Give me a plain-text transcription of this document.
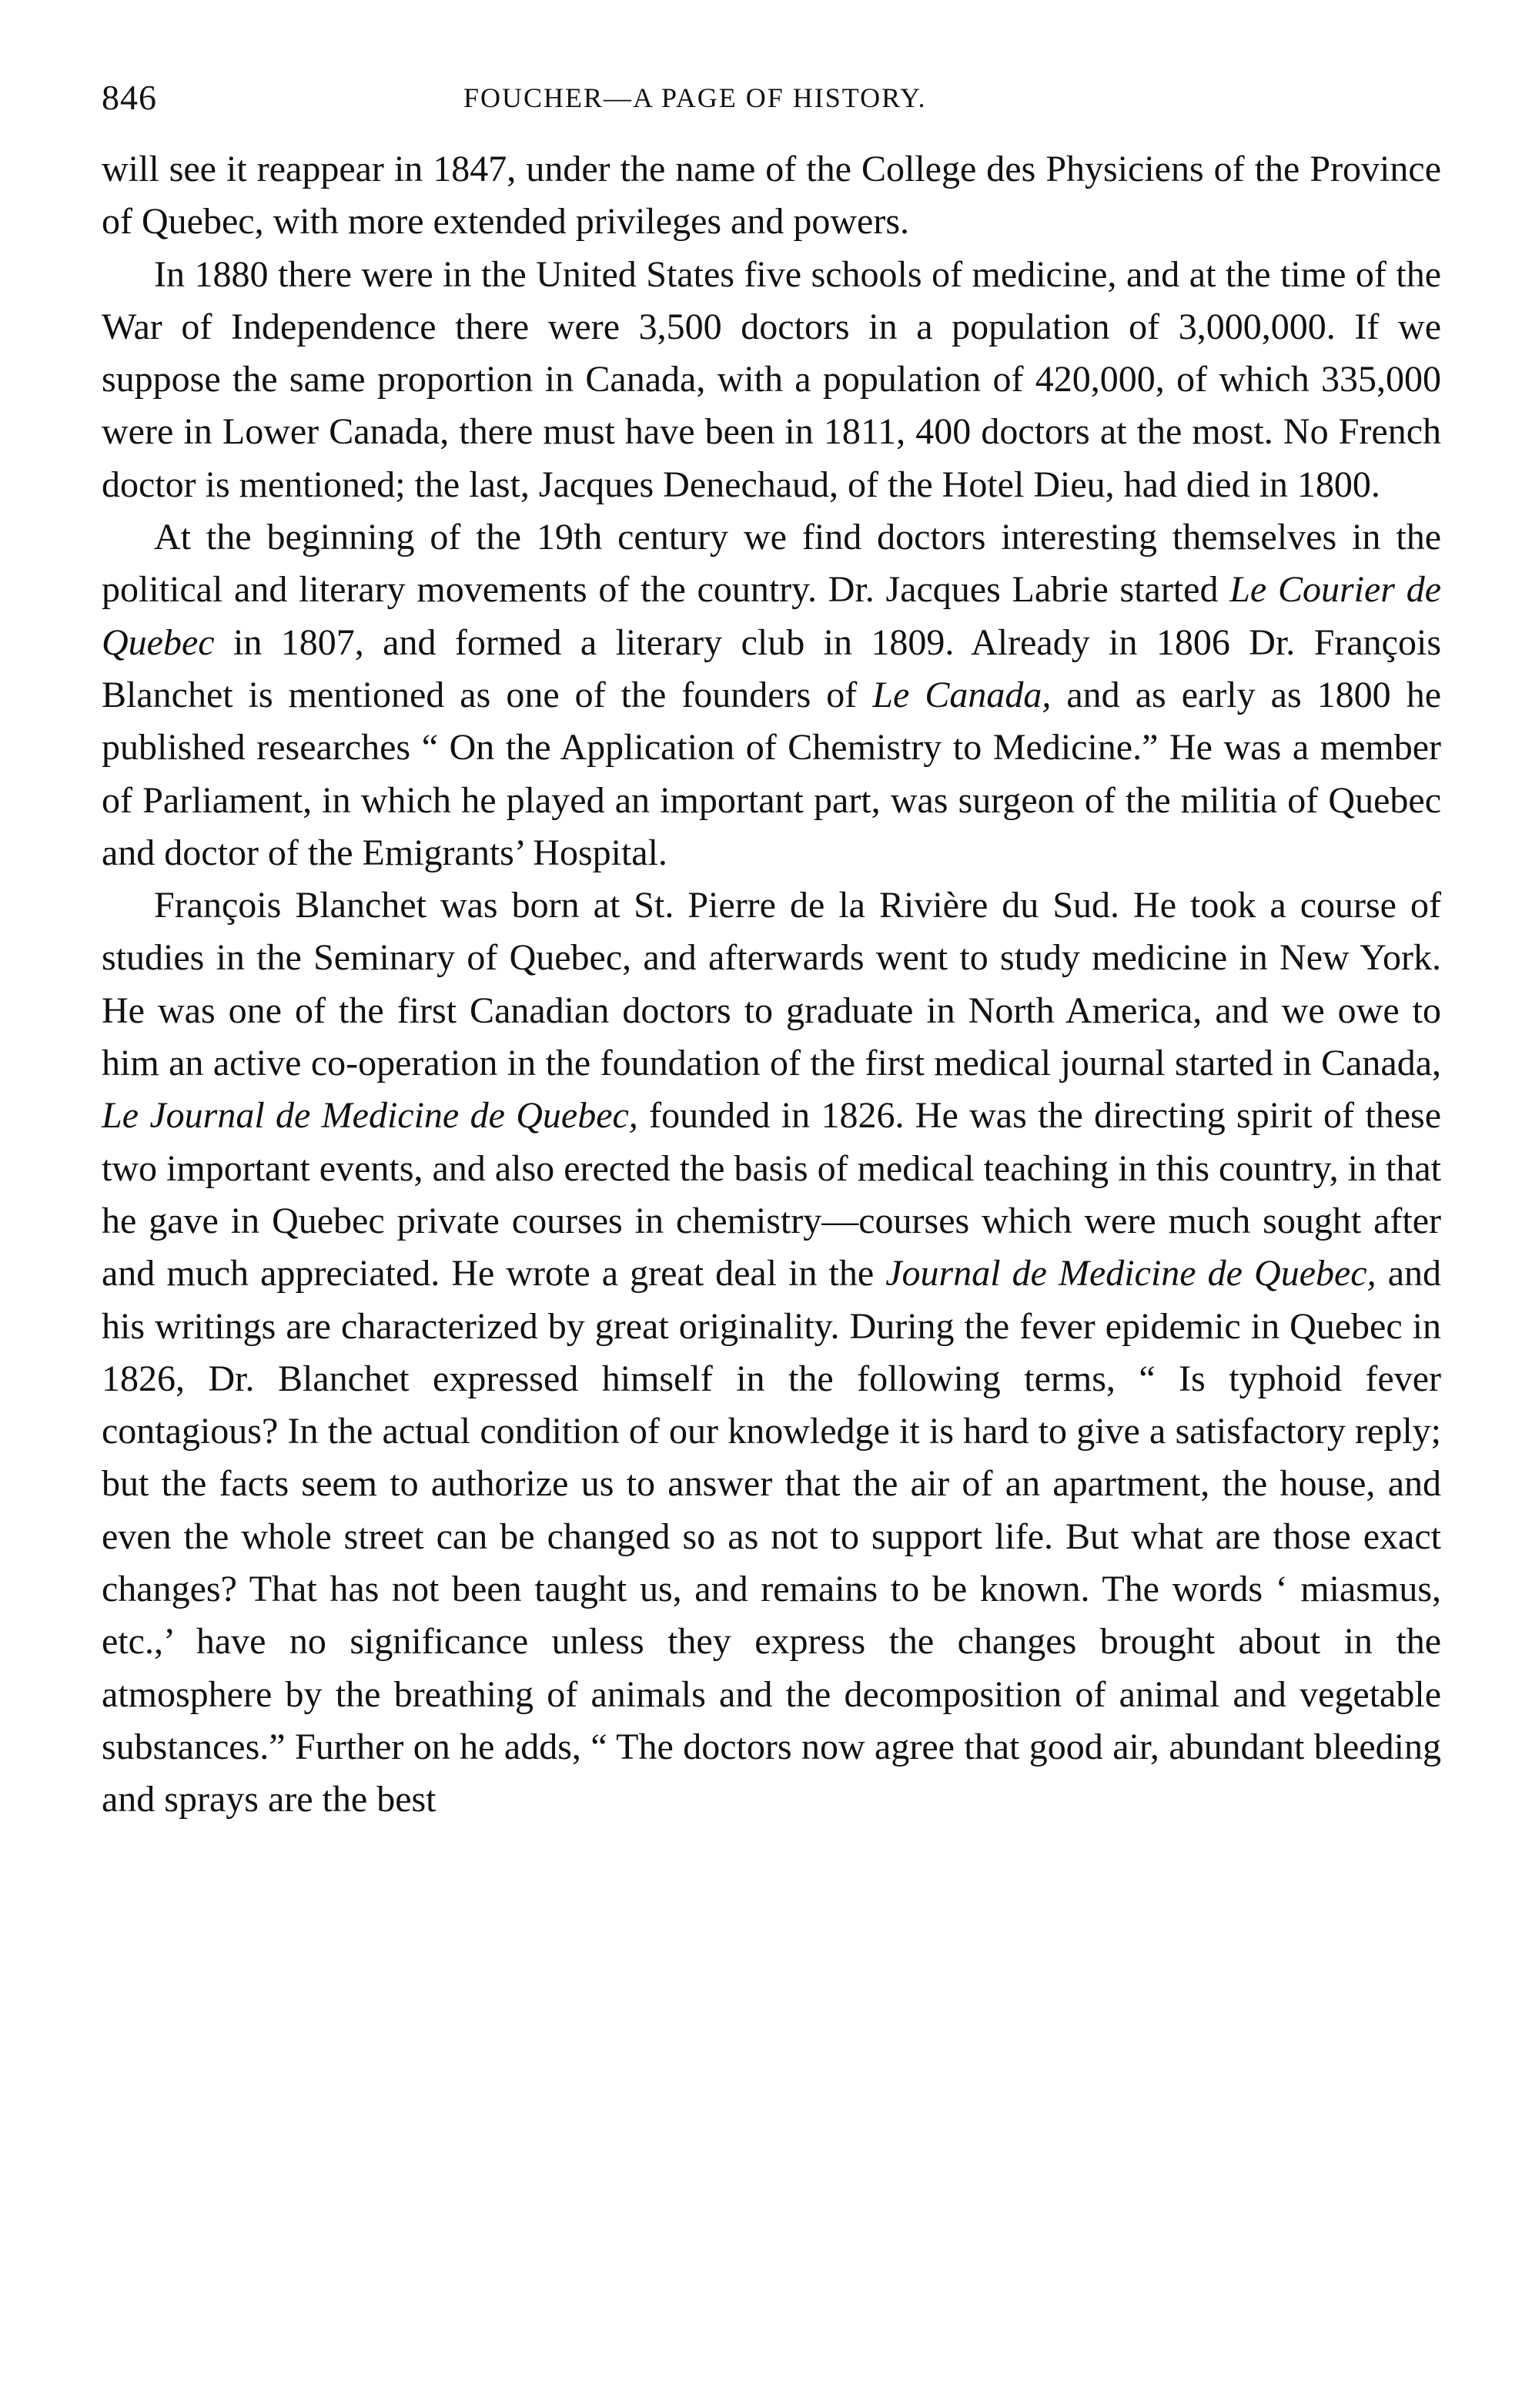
846	FOUCHER—A PAGE OF HISTORY.

will see it reappear in 1847, under the name of the College des Physiciens of the Province of Quebec, with more extended privileges and powers.

In 1880 there were in the United States five schools of medicine, and at the time of the War of Independence there were 3,500 doctors in a population of 3,000,000. If we suppose the same proportion in Canada, with a population of 420,000, of which 335,000 were in Lower Canada, there must have been in 1811, 400 doctors at the most. No French doctor is mentioned; the last, Jacques Denechaud, of the Hotel Dieu, had died in 1800.

At the beginning of the 19th century we find doctors interesting themselves in the political and literary movements of the country. Dr. Jacques Labrie started Le Courier de Quebec in 1807, and formed a literary club in 1809. Already in 1806 Dr. François Blanchet is mentioned as one of the founders of Le Canada, and as early as 1800 he published researches “ On the Application of Chemistry to Medicine.” He was a member of Parliament, in which he played an important part, was surgeon of the militia of Quebec and doctor of the Emigrants’ Hospital.

François Blanchet was born at St. Pierre de la Rivière du Sud. He took a course of studies in the Seminary of Quebec, and afterwards went to study medicine in New York. He was one of the first Canadian doctors to graduate in North America, and we owe to him an active co-operation in the foundation of the first medical journal started in Canada, Le Journal de Medicine de Quebec, founded in 1826. He was the directing spirit of these two important events, and also erected the basis of medical teaching in this country, in that he gave in Quebec private courses in chemistry—courses which were much sought after and much appreciated. He wrote a great deal in the Journal de Medicine de Quebec, and his writings are characterized by great originality. During the fever epidemic in Quebec in 1826, Dr. Blanchet expressed himself in the following terms, “ Is typhoid fever contagious? In the actual condition of our knowledge it is hard to give a satisfactory reply; but the facts seem to authorize us to answer that the air of an apartment, the house, and even the whole street can be changed so as not to support life. But what are those exact changes? That has not been taught us, and remains to be known. The words ‘ miasmus, etc.,’ have no significance unless they express the changes brought about in the atmosphere by the breathing of animals and the decomposition of animal and vegetable substances.” Further on he adds, “ The doctors now agree that good air, abundant bleeding and sprays are the best
